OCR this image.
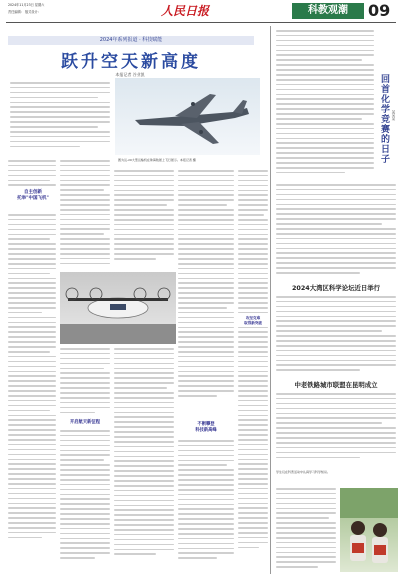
2024年11月23日 星期六
责任编辑： 版式设计：	人民日报	科教观潮	09
2024年系列报道 · 科技赋能
跃升空天新高度
本报记者 谷业凯
图为运-20大型运输机在珠海航展上飞行展示。本报记者 摄
自主创新
托举"中国飞机"
开启航天新征程	不断攀登
科技新高峰
回首化学竞赛的日子 某某某
2024大湾区科学论坛近日举行
中老铁路城市联盟在昆明成立
学生们在科普活动中认真学习科学知识。
攻坚克难
取得新突破
